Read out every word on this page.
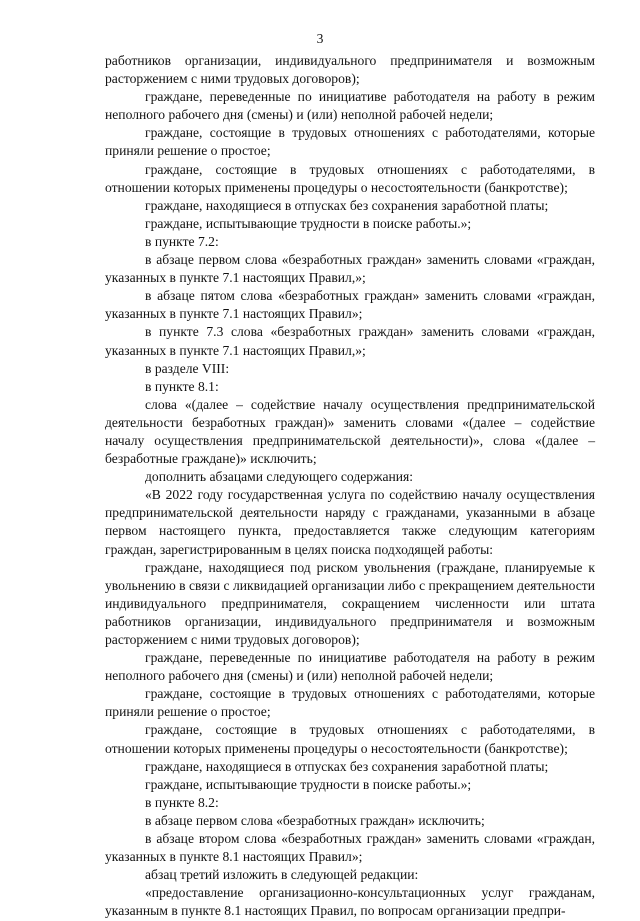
3

работников организации, индивидуального предпринимателя и возможным расторжением с ними трудовых договоров);

граждане, переведенные по инициативе работодателя на работу в режим неполного рабочего дня (смены) и (или) неполной рабочей недели;

граждане, состоящие в трудовых отношениях с работодателями, которые приняли решение о простое;

граждане, состоящие в трудовых отношениях с работодателями, в отношении которых применены процедуры о несостоятельности (банкротстве);

граждане, находящиеся в отпусках без сохранения заработной платы;

граждане, испытывающие трудности в поиске работы.»;

в пункте 7.2:

в абзаце первом слова «безработных граждан» заменить словами «граждан, указанных в пункте 7.1 настоящих Правил,»;

в абзаце пятом слова «безработных граждан» заменить словами «граждан, указанных в пункте 7.1 настоящих Правил»;

в пункте 7.3 слова «безработных граждан» заменить словами «граждан, указанных в пункте 7.1 настоящих Правил,»;

в разделе VIII:

в пункте 8.1:

слова «(далее – содействие началу осуществления предпринимательской деятельности безработных граждан)» заменить словами «(далее – содействие началу осуществления предпринимательской деятельности)», слова «(далее – безработные граждане)» исключить;

дополнить абзацами следующего содержания:

«В 2022 году государственная услуга по содействию началу осуществления предпринимательской деятельности наряду с гражданами, указанными в абзаце первом настоящего пункта, предоставляется также следующим категориям граждан, зарегистрированным в целях поиска подходящей работы:

граждане, находящиеся под риском увольнения (граждане, планируемые к увольнению в связи с ликвидацией организации либо с прекращением деятельности индивидуального предпринимателя, сокращением численности или штата работников организации, индивидуального предпринимателя и возможным расторжением с ними трудовых договоров);

граждане, переведенные по инициативе работодателя на работу в режим неполного рабочего дня (смены) и (или) неполной рабочей недели;

граждане, состоящие в трудовых отношениях с работодателями, которые приняли решение о простое;

граждане, состоящие в трудовых отношениях с работодателями, в отношении которых применены процедуры о несостоятельности (банкротстве);

граждане, находящиеся в отпусках без сохранения заработной платы;

граждане, испытывающие трудности в поиске работы.»;

в пункте 8.2:

в абзаце первом слова «безработных граждан» исключить;

в абзаце втором слова «безработных граждан» заменить словами «граждан, указанных в пункте 8.1 настоящих Правил»;

абзац третий изложить в следующей редакции:

«предоставление организационно-консультационных услуг гражданам, указанным в пункте 8.1 настоящих Правил, по вопросам организации предпри-
